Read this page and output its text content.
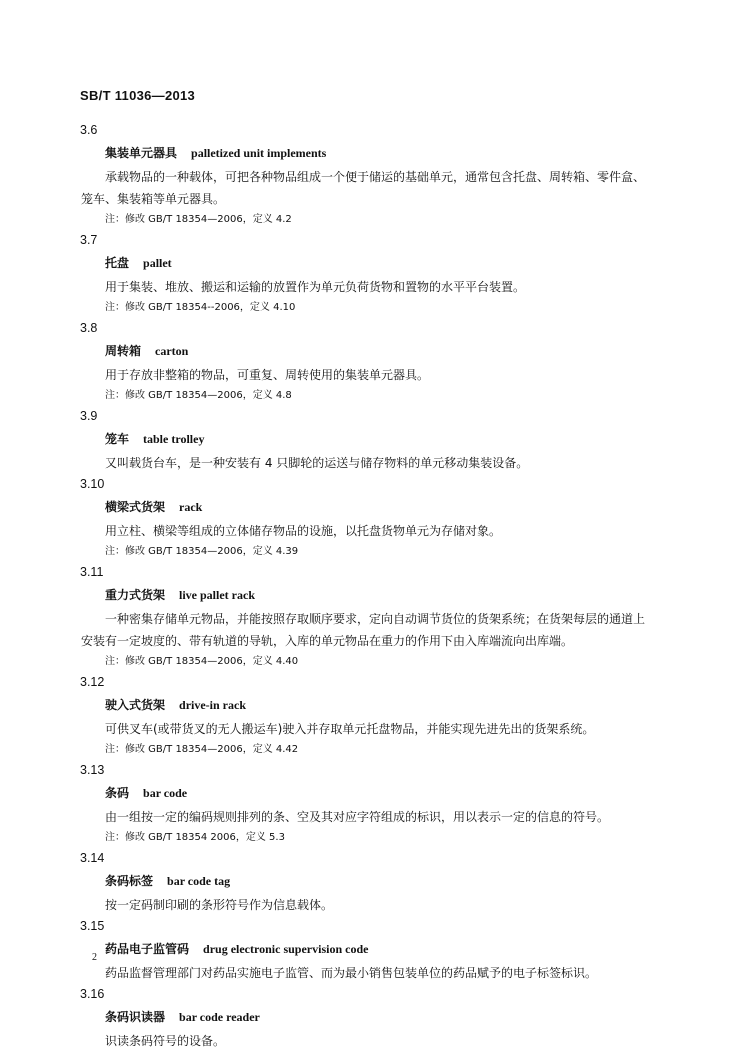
SB/T 11036—2013
3.6
集装单元器具 palletized unit implements
承载物品的一种载体，可把各种物品组成一个便于储运的基础单元，通常包含托盘、周转箱、零件盒、笼车、集装箱等单元器具。
注：修改 GB/T 18354—2006，定义 4.2
3.7
托盘 pallet
用于集装、堆放、搬运和运输的放置作为单元负荷货物和置物的水平平台装置。
注：修改 GB/T 18354--2006，定义 4.10
3.8
周转箱 carton
用于存放非整箱的物品，可重复、周转使用的集装单元器具。
注：修改 GB/T 18354—2006，定义 4.8
3.9
笼车 table trolley
又叫载货台车，是一种安装有 4 只脚轮的运送与储存物料的单元移动集装设备。
3.10
横梁式货架 rack
用立柱、横梁等组成的立体储存物品的设施，以托盘货物单元为存储对象。
注：修改 GB/T 18354—2006，定义 4.39
3.11
重力式货架 live pallet rack
一种密集存储单元物品，并能按照存取顺序要求，定向自动调节货位的货架系统；在货架每层的通道上安装有一定坡度的、带有轨道的导轨，入库的单元物品在重力的作用下由入库端流向出库端。
注：修改 GB/T 18354—2006，定义 4.40
3.12
驶入式货架 drive-in rack
可供叉车(或带货叉的无人搬运车)驶入并存取单元托盘物品，并能实现先进先出的货架系统。
注：修改 GB/T 18354—2006，定义 4.42
3.13
条码 bar code
由一组按一定的编码规则排列的条、空及其对应字符组成的标识，用以表示一定的信息的符号。
注：修改 GB/T 18354 2006，定义 5.3
3.14
条码标签 bar code tag
按一定码制印刷的条形符号作为信息载体。
3.15
药品电子监管码 drug electronic supervision code
药品监督管理部门对药品实施电子监管、而为最小销售包装单位的药品赋予的电子标签标识。
3.16
条码识读器 bar code reader
识读条码符号的设备。
2
